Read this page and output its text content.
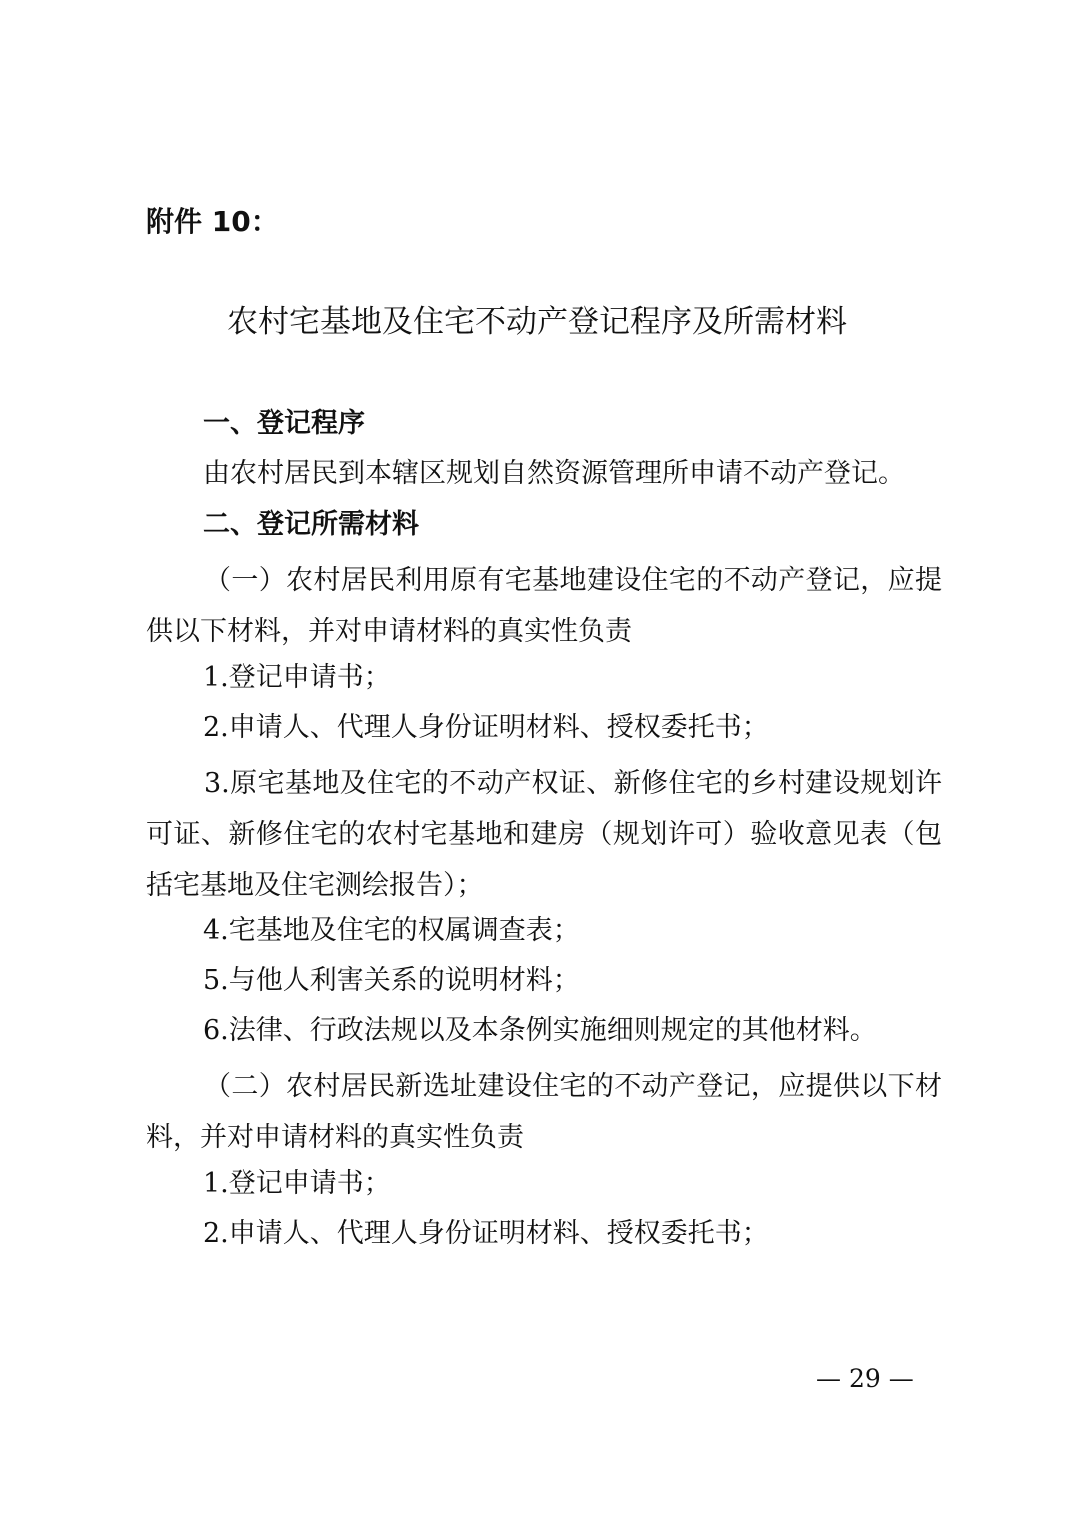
附件 10：
农村宅基地及住宅不动产登记程序及所需材料
一、登记程序
由农村居民到本辖区规划自然资源管理所申请不动产登记。
二、登记所需材料

（一）农村居民利用原有宅基地建设住宅的不动产登记，应提供以下材料，并对申请材料的真实性负责

1.登记申请书；
2.申请人、代理人身份证明材料、授权委托书；

3.原宅基地及住宅的不动产权证、新修住宅的乡村建设规划许可证、新修住宅的农村宅基地和建房（规划许可）验收意见表（包括宅基地及住宅测绘报告）；

4.宅基地及住宅的权属调查表；
5.与他人利害关系的说明材料；
6.法律、行政法规以及本条例实施细则规定的其他材料。

（二）农村居民新选址建设住宅的不动产登记，应提供以下材料，并对申请材料的真实性负责

1.登记申请书；
2.申请人、代理人身份证明材料、授权委托书；
— 29 —
